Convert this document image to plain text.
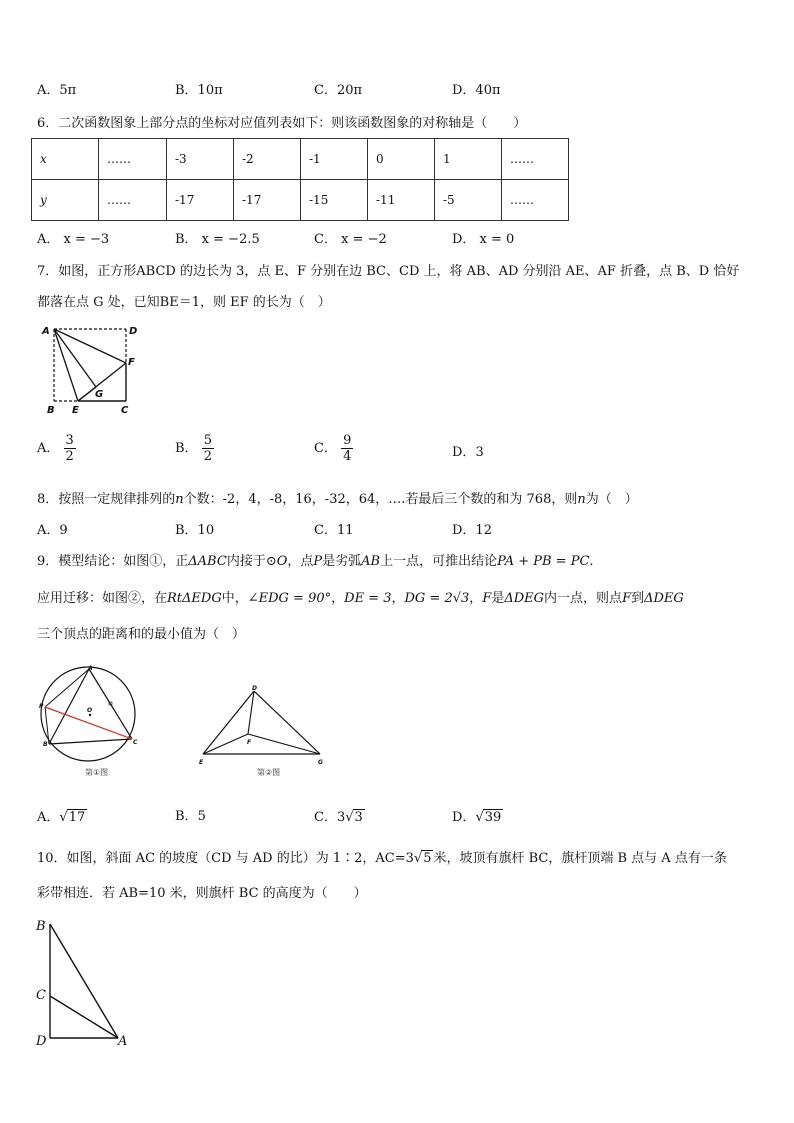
A．5π	B．10π	C．20π	D．40π
6．二次函数图象上部分点的坐标对应值列表如下：则该函数图象的对称轴是（　　）
x	……	-3	-2	-1	0	1	……
y	……	-17	-17	-15	-11	-5	……
A． x = −3	B． x = −2.5	C． x = −2	D． x = 0
7．如图，正方形ABCD 的边长为 3，点 E、F 分别在边 BC、CD 上，将 AB、AD 分别沿 AE、AF 折叠，点 B、D 恰好
都落在点 G 处，已知BE＝1，则 EF 的长为（　）
A	D
F
G
B E	C
A． $\frac{3}{2}$	B． $\frac{5}{2}$	C． $\frac{9}{4}$	D．3
8．按照一定规律排列的n个数：-2，4，-8，16，-32，64，….若最后三个数的和为 768，则n为（　）
A．9	B．10	C．11	D．12
9．模型结论：如图①，正ΔABC内接于⊙O，点P是劣弧AB上一点，可推出结论PA + PB = PC.
应用迁移：如图②，在RtΔEDG中，∠EDG = 90°，DE = 3，DG = 2√3，F是ΔDEG内一点，则点F到ΔDEG
三个顶点的距离和的最小值为（　）
A
P
O
B	C
第①图
D
F
E	G
第②图
A．√17	B．5	C．3√3	D．√39
10．如图，斜面 AC 的坡度（CD 与 AD 的比）为 1∶2，AC=3√5 米，坡顶有旗杆 BC，旗杆顶端 B 点与 A 点有一条
彩带相连．若 AB=10 米，则旗杆 BC 的高度为（　　）
B
C
D	A
